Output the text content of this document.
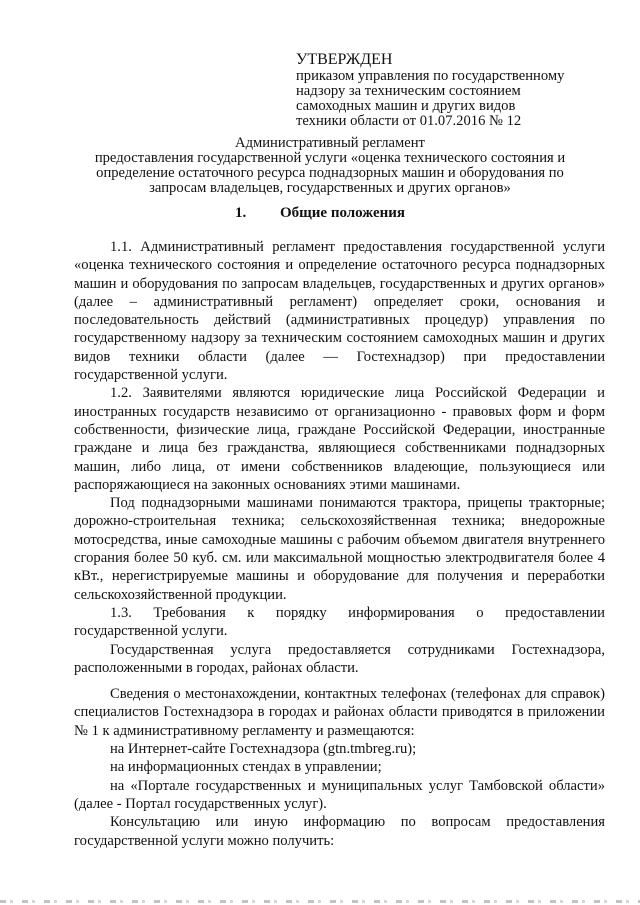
УТВЕРЖДЕН
приказом управления по государственному
надзору за техническим состоянием
самоходных машин и других видов
техники области от 01.07.2016 № 12
Административный регламент
предоставления государственной услуги «оценка технического состояния и
определение остаточного ресурса поднадзорных машин и оборудования по
запросам владельцев, государственных и других органов»
1. Общие положения

1.1. Административный регламент предоставления государственной услуги «оценка технического состояния и определение остаточного ресурса поднадзорных машин и оборудования по запросам владельцев, государственных и других органов» (далее – административный регламент) определяет сроки, основания и последовательность действий (административных процедур) управления по государственному надзору за техническим состоянием самоходных машин и других видов техники области (далее — Гостехнадзор) при предоставлении государственной услуги.

1.2. Заявителями являются юридические лица Российской Федерации и иностранных государств независимо от организационно - правовых форм и форм собственности, физические лица, граждане Российской Федерации, иностранные граждане и лица без гражданства, являющиеся собственниками поднадзорных машин, либо лица, от имени собственников владеющие, пользующиеся или распоряжающиеся на законных основаниях этими машинами.

Под поднадзорными машинами понимаются трактора, прицепы тракторные; дорожно-строительная техника; сельскохозяйственная техника; внедорожные мотосредства, иные самоходные машины с рабочим объемом двигателя внутреннего сгорания более 50 куб. см. или максимальной мощностью электродвигателя более 4 кВт., нерегистрируемые машины и оборудование для получения и переработки сельскохозяйственной продукции.

1.3. Требования к порядку информирования о предоставлении государственной услуги.

Государственная услуга предоставляется сотрудниками Гостехнадзора, расположенными в городах, районах области.

Сведения о местонахождении, контактных телефонах (телефонах для справок) специалистов Гостехнадзора в городах и районах области приводятся в приложении № 1 к административному регламенту и размещаются:

на Интернет-сайте Гостехнадзора (gtn.tmbreg.ru);

на информационных стендах в управлении;

на «Портале государственных и муниципальных услуг Тамбовской области» (далее - Портал государственных услуг).

Консультацию или иную информацию по вопросам предоставления государственной услуги можно получить:
